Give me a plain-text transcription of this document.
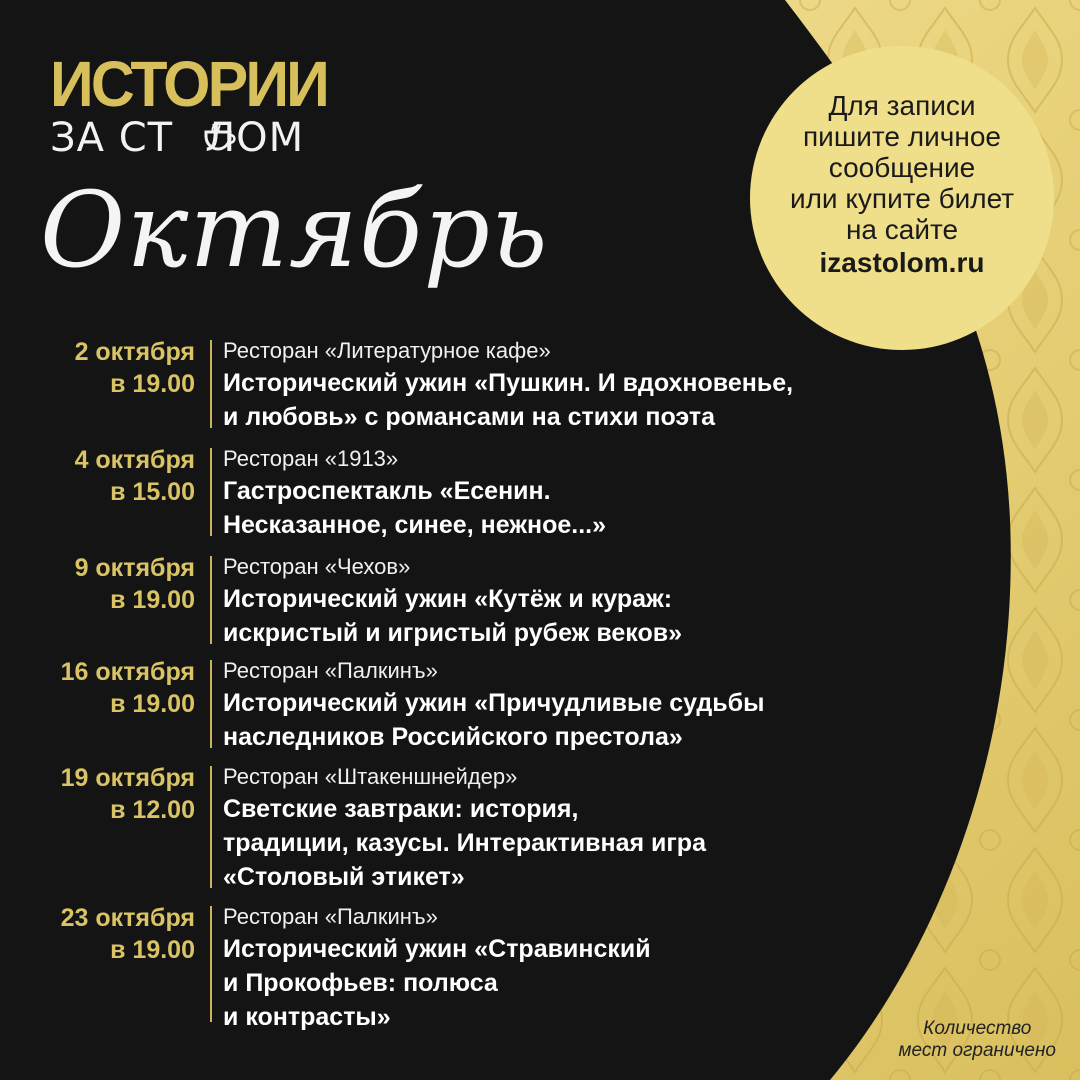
ИСТОРИИ
ЗА СТ ЛОМ
Октябрь
Для записи
пишите личное
сообщение
или купите билет
на сайте
izastolom.ru
2 октября
в 19.00
Ресторан «Литературное кафе»
Исторический ужин «Пушкин. И вдохновенье,
и любовь» с романсами на стихи поэта
4 октября
в 15.00
Ресторан «1913»
Гастроспектакль «Есенин.
Несказанное, синее, нежное...»
9 октября
в 19.00
Ресторан «Чехов»
Исторический ужин «Кутёж и кураж:
искристый и игристый рубеж веков»
16 октября
в 19.00
Ресторан «Палкинъ»
Исторический ужин «Причудливые судьбы
наследников Российского престола»
19 октября
в 12.00
Ресторан «Штакеншнейдер»
Светские завтраки: история,
традиции, казусы. Интерактивная игра
«Столовый этикет»
23 октября
в 19.00
Ресторан «Палкинъ»
Исторический ужин «Стравинский
и Прокофьев: полюса
и контрасты»	Количество
мест ограничено
